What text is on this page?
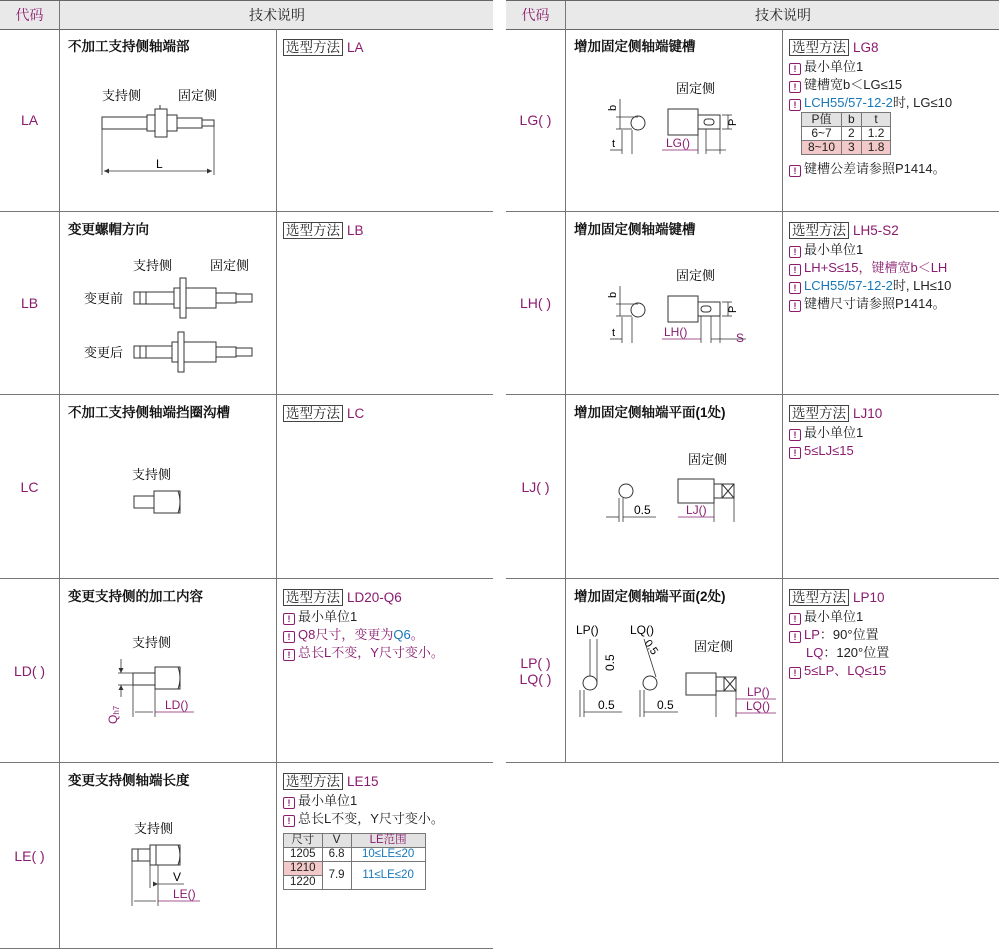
代码	技术说明	代码	技术说明
LA
不加工支持侧轴端部
支持侧	固定侧
L
选型方法 LA
LB
变更螺帽方向
支持侧	固定侧
变更前
变更后
选型方法 LB
LC
不加工支持侧轴端挡圈沟槽
支持侧
选型方法 LC
LD( )
变更支持侧的加工内容
支持侧
Qh7	LD()
选型方法 LD20-Q6
! 最小单位1
! Q8尺寸，变更为Q6。
! 总长L不变，Y尺寸变小。
LE( )
变更支持侧轴端长度
支持侧
V
LE()
选型方法 LE15
! 最小单位1
! 总长L不变，Y尺寸变小。
尺寸	V	LE范围
1205	6.8	10≤LE≤20
1210	7.9	11≤LE≤20
1220		
LG( )
增加固定侧轴端键槽
固定侧
b
t
P
LG()
选型方法 LG8
! 最小单位1
! 键槽宽b＜LG≤15
! LCH55/57-12-2时, LG≤10
P值	b	t
6~7	2	1.2
8~10	3	1.8
! 键槽公差请参照P1414。
LH( )
增加固定侧轴端键槽
固定侧
b
t
P
LH()	S
选型方法 LH5-S2
! 最小单位1
! LH+S≤15，键槽宽b＜LH
! LCH55/57-12-2时, LH≤10
! 键槽尺寸请参照P1414。
LJ( )
增加固定侧轴端平面(1处)
固定侧
0.5	LJ()
选型方法 LJ10
! 最小单位1
! 5≤LJ≤15
LP( )
LQ( )
增加固定侧轴端平面(2处)
LP()	LQ()
固定侧
0.5
0.5
0.5
0.5
LP()
LQ()
选型方法 LP10
! 最小单位1
! LP：90°位置
LQ：120°位置
! 5≤LP、LQ≤15
